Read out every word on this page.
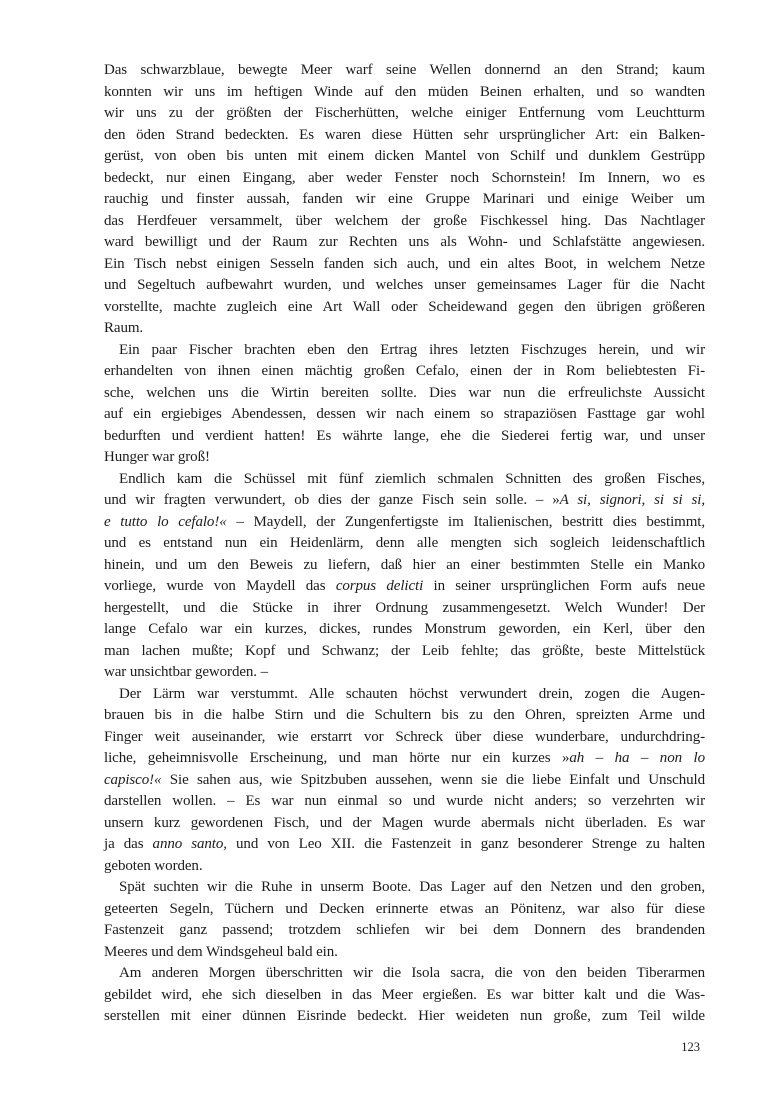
Das schwarzblaue, bewegte Meer warf seine Wellen donnernd an den Strand; kaum
konnten wir uns im heftigen Winde auf den müden Beinen erhalten, und so wandten
wir uns zu der größten der Fischerhütten, welche einiger Entfernung vom Leuchtturm
den öden Strand bedeckten. Es waren diese Hütten sehr ursprünglicher Art: ein Balken-
gerüst, von oben bis unten mit einem dicken Mantel von Schilf und dunklem Gestrüpp
bedeckt, nur einen Eingang, aber weder Fenster noch Schornstein! Im Innern, wo es
rauchig und finster aussah, fanden wir eine Gruppe Marinari und einige Weiber um
das Herdfeuer versammelt, über welchem der große Fischkessel hing. Das Nachtlager
ward bewilligt und der Raum zur Rechten uns als Wohn- und Schlafstätte angewiesen.
Ein Tisch nebst einigen Sesseln fanden sich auch, und ein altes Boot, in welchem Netze
und Segeltuch aufbewahrt wurden, und welches unser gemeinsames Lager für die Nacht
vorstellte, machte zugleich eine Art Wall oder Scheidewand gegen den übrigen größeren
Raum.
Ein paar Fischer brachten eben den Ertrag ihres letzten Fischzuges herein, und wir
erhandelten von ihnen einen mächtig großen Cefalo, einen der in Rom beliebtesten Fi-
sche, welchen uns die Wirtin bereiten sollte. Dies war nun die erfreulichste Aussicht
auf ein ergiebiges Abendessen, dessen wir nach einem so strapaziösen Fasttage gar wohl
bedurften und verdient hatten! Es währte lange, ehe die Siederei fertig war, und unser
Hunger war groß!
Endlich kam die Schüssel mit fünf ziemlich schmalen Schnitten des großen Fisches,
und wir fragten verwundert, ob dies der ganze Fisch sein solle. – »A si, signori, si si si,
e tutto lo cefalo!« – Maydell, der Zungenfertigste im Italienischen, bestritt dies bestimmt,
und es entstand nun ein Heidenlärm, denn alle mengten sich sogleich leidenschaftlich
hinein, und um den Beweis zu liefern, daß hier an einer bestimmten Stelle ein Manko
vorliege, wurde von Maydell das corpus delicti in seiner ursprünglichen Form aufs neue
hergestellt, und die Stücke in ihrer Ordnung zusammengesetzt. Welch Wunder! Der
lange Cefalo war ein kurzes, dickes, rundes Monstrum geworden, ein Kerl, über den
man lachen mußte; Kopf und Schwanz; der Leib fehlte; das größte, beste Mittelstück
war unsichtbar geworden. –
Der Lärm war verstummt. Alle schauten höchst verwundert drein, zogen die Augen-
brauen bis in die halbe Stirn und die Schultern bis zu den Ohren, spreizten Arme und
Finger weit auseinander, wie erstarrt vor Schreck über diese wunderbare, undurchdring-
liche, geheimnisvolle Erscheinung, und man hörte nur ein kurzes »ah – ha – non lo
capisco!« Sie sahen aus, wie Spitzbuben aussehen, wenn sie die liebe Einfalt und Unschuld
darstellen wollen. – Es war nun einmal so und wurde nicht anders; so verzehrten wir
unsern kurz gewordenen Fisch, und der Magen wurde abermals nicht überladen. Es war
ja das anno santo, und von Leo XII. die Fastenzeit in ganz besonderer Strenge zu halten
geboten worden.
Spät suchten wir die Ruhe in unserm Boote. Das Lager auf den Netzen und den groben,
geteerten Segeln, Tüchern und Decken erinnerte etwas an Pönitenz, war also für diese
Fastenzeit ganz passend; trotzdem schliefen wir bei dem Donnern des brandenden
Meeres und dem Windsgeheul bald ein.
Am anderen Morgen überschritten wir die Isola sacra, die von den beiden Tiberarmen
gebildet wird, ehe sich dieselben in das Meer ergießen. Es war bitter kalt und die Was-
serstellen mit einer dünnen Eisrinde bedeckt. Hier weideten nun große, zum Teil wilde
123
